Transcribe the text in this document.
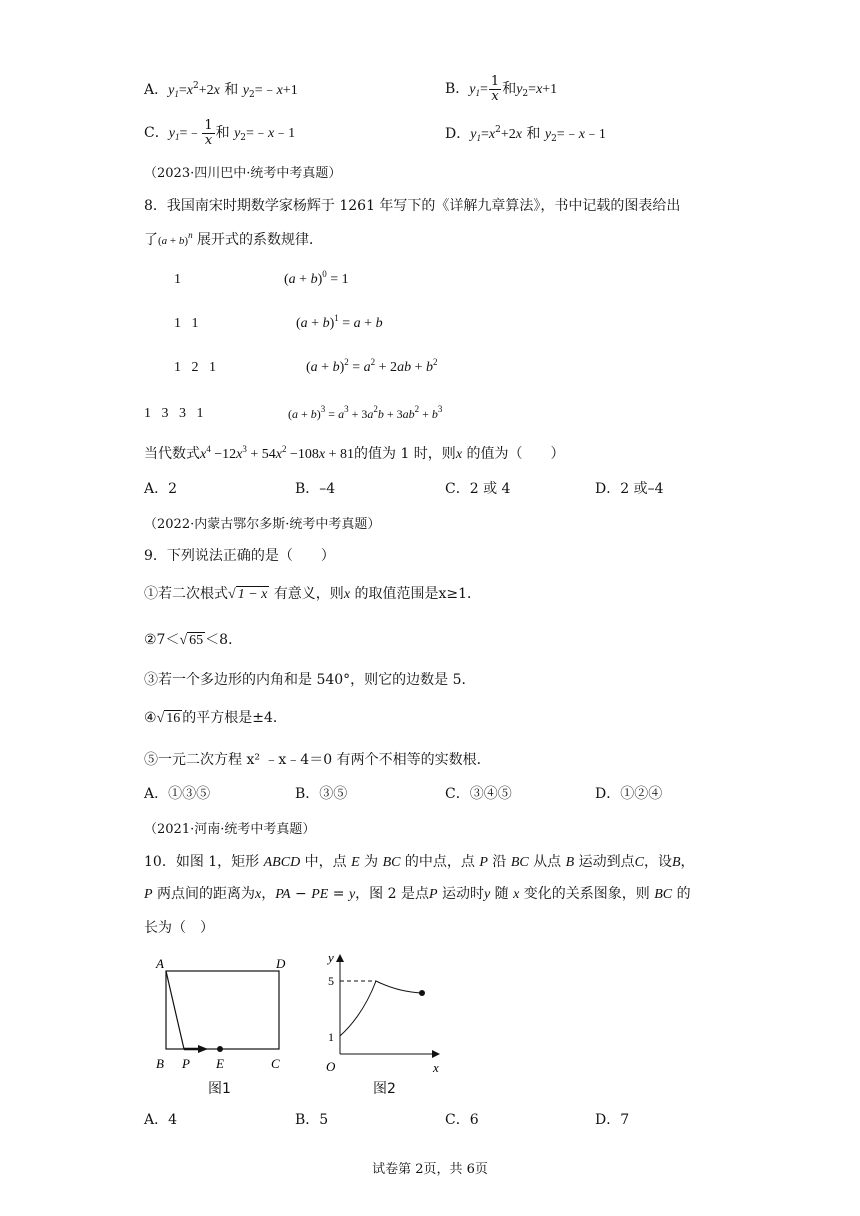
A．$y_1=x^2+2x$ 和 $y_2=﹣x+1$	B．$y_1= \frac{1}{x}$ 和$y_2=x+1$
C．$y_1=﹣ \frac{1}{x}$ 和 $y_2=﹣x﹣1$	D．$y_1=x^2+2x$ 和 $y_2=﹣x﹣1$
（2023·四川巴中·统考中考真题）
8．我国南宋时期数学家杨辉于 1261 年写下的《详解九章算法》，书中记载的图表给出
了$(a + b)^n$ 展开式的系数规律．
1	$(a + b)^0 = 1$
1   1	$(a + b)^1 = a + b$
1   2   1	$(a + b)^2 = a^2 + 2ab + b^2$
1   3   3   1	$(a + b)^3 = a^3 + 3a^2b + 3ab^2 + b^3$
当代数式$x^4 -12x^3 + 54x^2 -108x + 81$的值为 1 时，则x 的值为（　　）
A．2	B．–4	C．2 或 4	D．2 或–4
（2022·内蒙古鄂尔多斯·统考中考真题）
9．下列说法正确的是（　　）
①若二次根式√ 1 − x 有意义，则x 的取值范围是x≥1．
②7＜√ 65 ＜8．
③若一个多边形的内角和是 540°，则它的边数是 5．
④√ 16 的平方根是±4．
⑤一元二次方程 x² ﹣x﹣4＝0 有两个不相等的实数根．
A．①③⑤	B．③⑤	C．③④⑤	D．①②④
（2021·河南·统考中考真题）
10．如图 1，矩形 ABCD 中，点 E 为 BC 的中点，点 P 沿 BC 从点 B 运动到点C，设B，
P 两点间的距离为x，PA − PE = y，图 2 是点P 运动时y 随 x 变化的关系图象，则 BC 的
长为（　）
A	D
B P E	C
图1
y
x
O
5
1
图2
A．4	B．5	C．6	D．7
试卷第 2页，共 6页
